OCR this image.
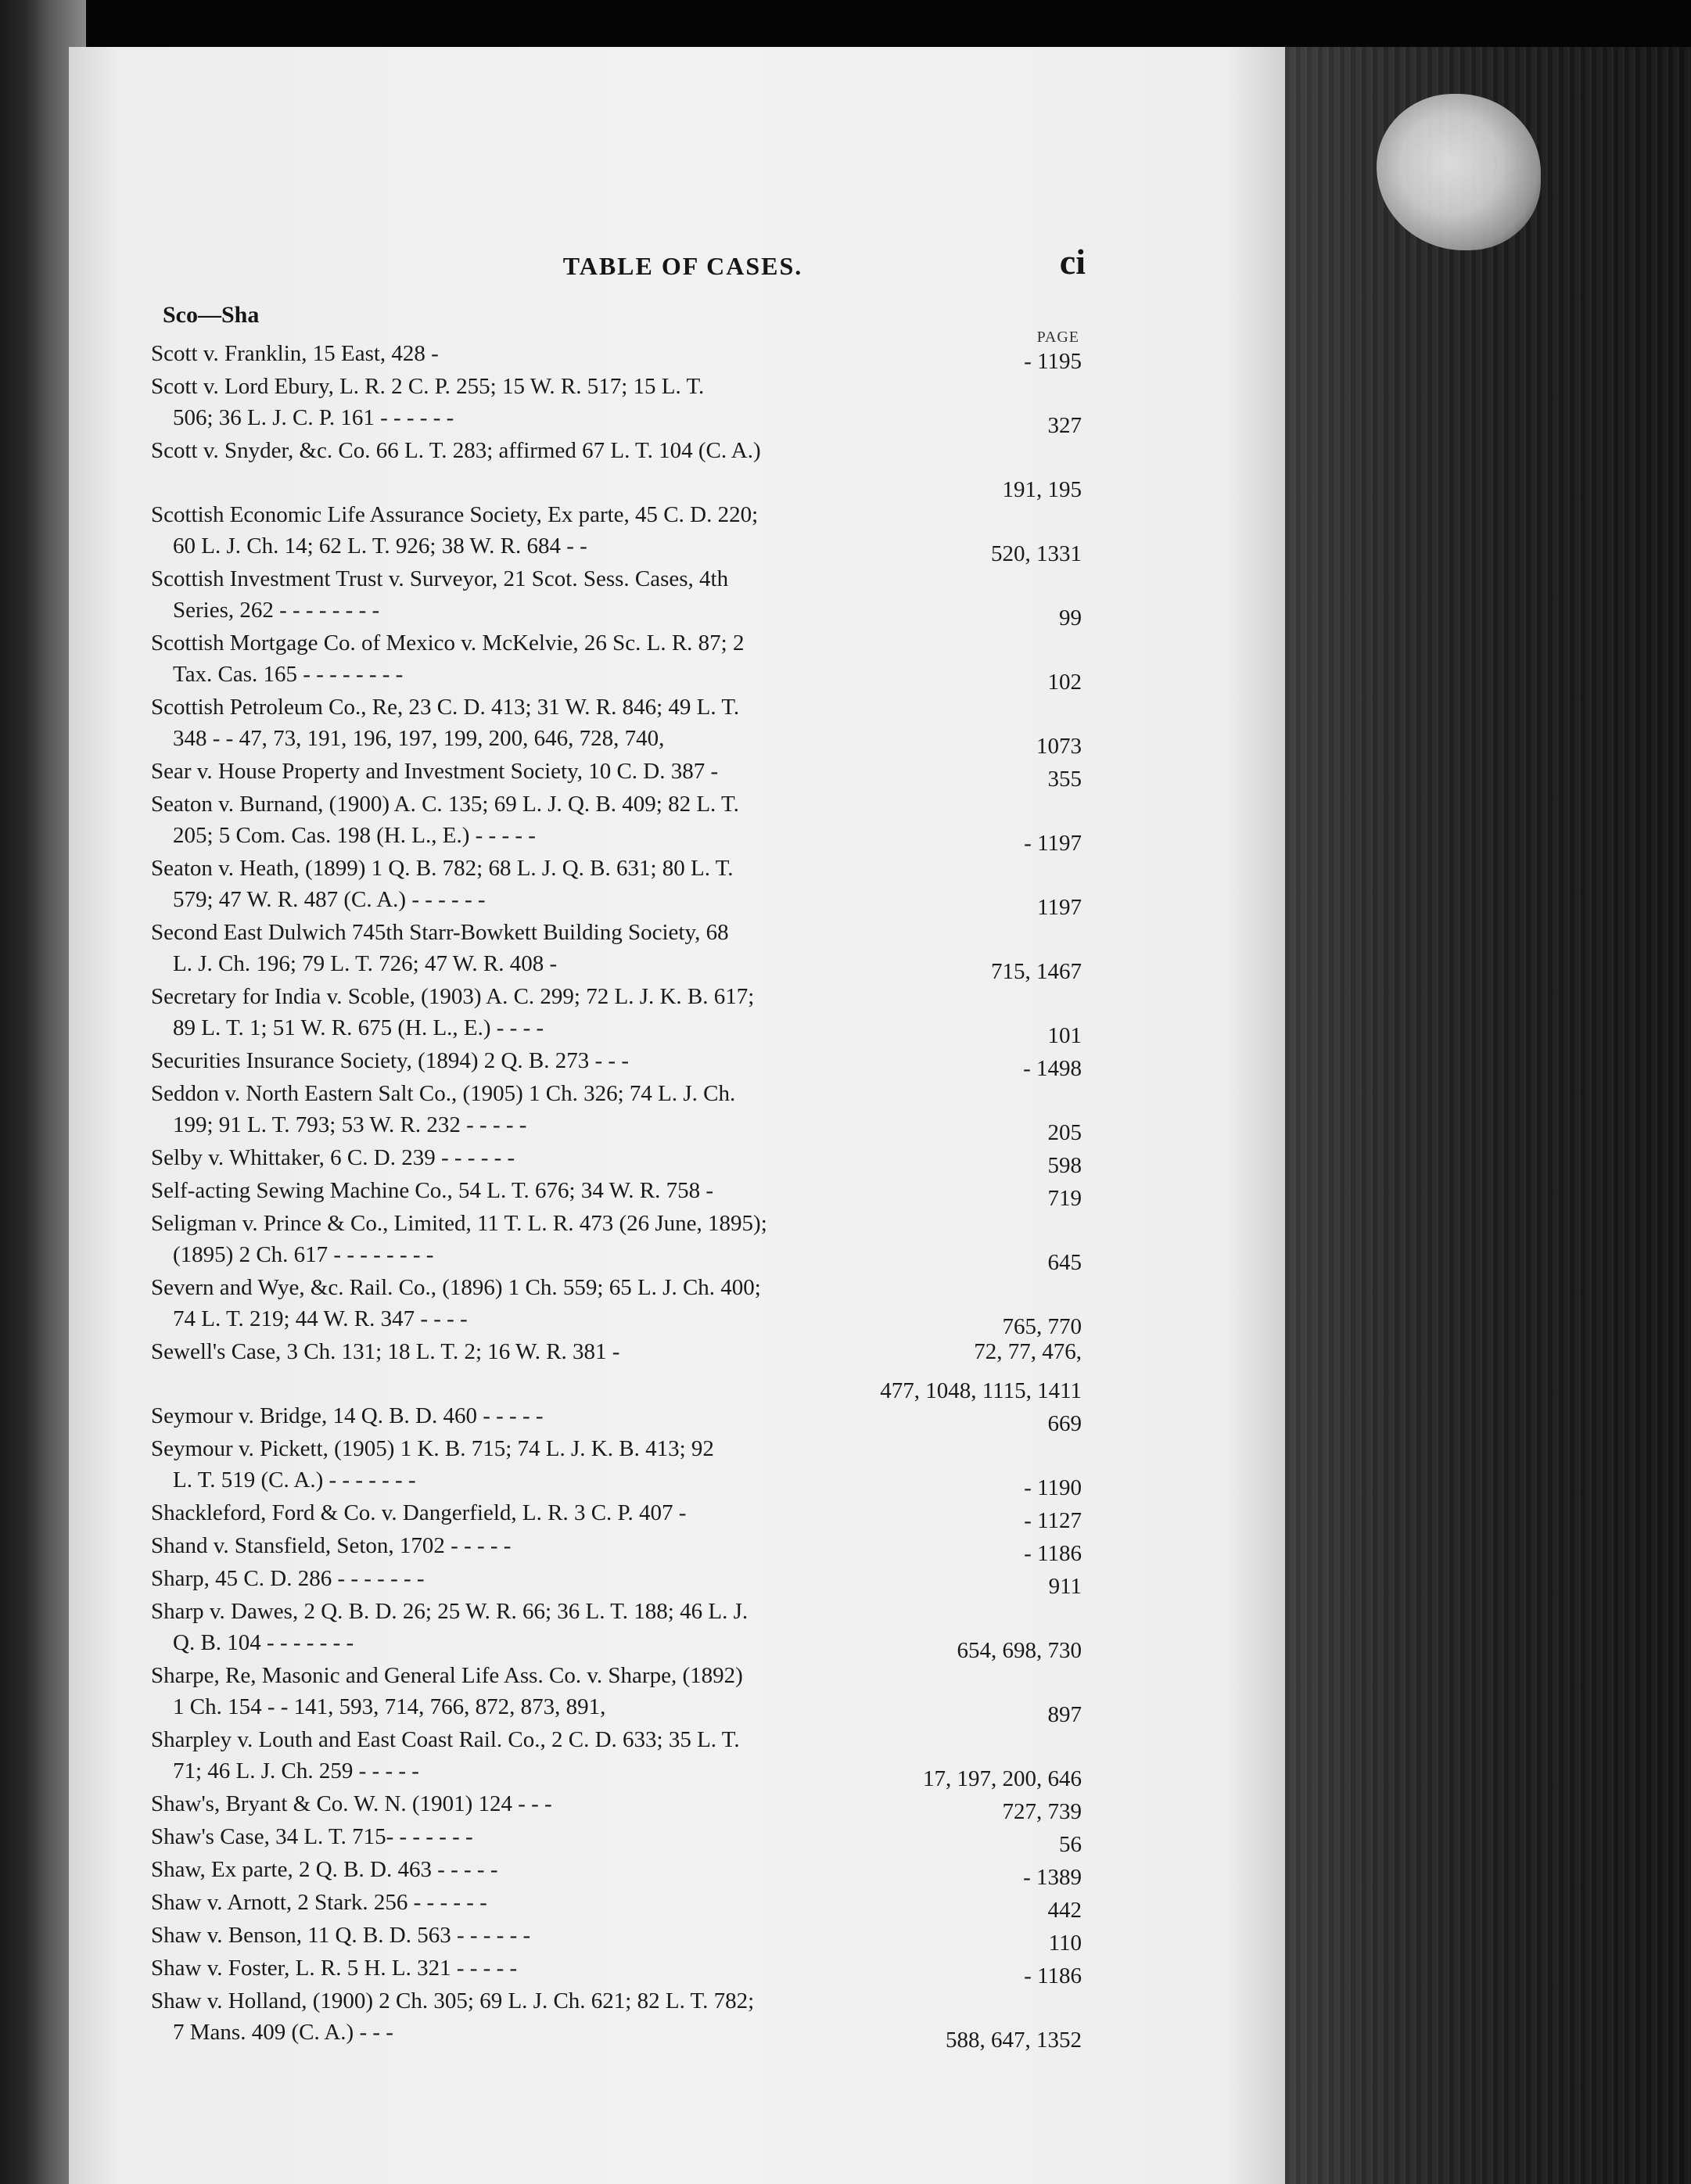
TABLE OF CASES.	ci
Sco—Sha
PAGE
Scott v. Franklin, 15 East, 428 -	- 1195
Scott v. Lord Ebury, L. R. 2 C. P. 255; 15 W. R. 517; 15 L. T.
506; 36 L. J. C. P. 161 - - - - - -	327
Scott v. Snyder, &c. Co. 66 L. T. 283; affirmed 67 L. T. 104 (C. A.)
191, 195
Scottish Economic Life Assurance Society, Ex parte, 45 C. D. 220;
60 L. J. Ch. 14; 62 L. T. 926; 38 W. R. 684 - -	520, 1331
Scottish Investment Trust v. Surveyor, 21 Scot. Sess. Cases, 4th
Series, 262 - - - - - - - -	99
Scottish Mortgage Co. of Mexico v. McKelvie, 26 Sc. L. R. 87; 2
Tax. Cas. 165 - - - - - - - -	102
Scottish Petroleum Co., Re, 23 C. D. 413; 31 W. R. 846; 49 L. T.
348 - - 47, 73, 191, 196, 197, 199, 200, 646, 728, 740,	1073
Sear v. House Property and Investment Society, 10 C. D. 387 -	355
Seaton v. Burnand, (1900) A. C. 135; 69 L. J. Q. B. 409; 82 L. T.
205; 5 Com. Cas. 198 (H. L., E.) - - - - -	- 1197
Seaton v. Heath, (1899) 1 Q. B. 782; 68 L. J. Q. B. 631; 80 L. T.
579; 47 W. R. 487 (C. A.) - - - - - -	1197
Second East Dulwich 745th Starr-Bowkett Building Society, 68
L. J. Ch. 196; 79 L. T. 726; 47 W. R. 408 -	715, 1467
Secretary for India v. Scoble, (1903) A. C. 299; 72 L. J. K. B. 617;
89 L. T. 1; 51 W. R. 675 (H. L., E.) - - - -	101
Securities Insurance Society, (1894) 2 Q. B. 273 - - -	- 1498
Seddon v. North Eastern Salt Co., (1905) 1 Ch. 326; 74 L. J. Ch.
199; 91 L. T. 793; 53 W. R. 232 - - - - -	205
Selby v. Whittaker, 6 C. D. 239 - - - - - -	598
Self-acting Sewing Machine Co., 54 L. T. 676; 34 W. R. 758 -	719
Seligman v. Prince & Co., Limited, 11 T. L. R. 473 (26 June, 1895);
(1895) 2 Ch. 617 - - - - - - - -	645
Severn and Wye, &c. Rail. Co., (1896) 1 Ch. 559; 65 L. J. Ch. 400;
74 L. T. 219; 44 W. R. 347 - - - -	765, 770
Sewell's Case, 3 Ch. 131; 18 L. T. 2; 16 W. R. 381 -	72, 77, 476,
477, 1048, 1115, 1411
Seymour v. Bridge, 14 Q. B. D. 460 - - - - -	669
Seymour v. Pickett, (1905) 1 K. B. 715; 74 L. J. K. B. 413; 92
L. T. 519 (C. A.) - - - - - - -	- 1190
Shackleford, Ford & Co. v. Dangerfield, L. R. 3 C. P. 407 -	- 1127
Shand v. Stansfield, Seton, 1702 - - - - -	- 1186
Sharp, 45 C. D. 286 - - - - - - -	911
Sharp v. Dawes, 2 Q. B. D. 26; 25 W. R. 66; 36 L. T. 188; 46 L. J.
Q. B. 104 - - - - - - -	654, 698, 730
Sharpe, Re, Masonic and General Life Ass. Co. v. Sharpe, (1892)
1 Ch. 154 - - 141, 593, 714, 766, 872, 873, 891,	897
Sharpley v. Louth and East Coast Rail. Co., 2 C. D. 633; 35 L. T.
71; 46 L. J. Ch. 259 - - - - -	17, 197, 200, 646
Shaw's, Bryant & Co. W. N. (1901) 124 - - -	727, 739
Shaw's Case, 34 L. T. 715- - - - - - -	56
Shaw, Ex parte, 2 Q. B. D. 463 - - - - -	- 1389
Shaw v. Arnott, 2 Stark. 256 - - - - - -	442
Shaw v. Benson, 11 Q. B. D. 563 - - - - - -	110
Shaw v. Foster, L. R. 5 H. L. 321 - - - - -	- 1186
Shaw v. Holland, (1900) 2 Ch. 305; 69 L. J. Ch. 621; 82 L. T. 782;
7 Mans. 409 (C. A.) - - -	588, 647, 1352
